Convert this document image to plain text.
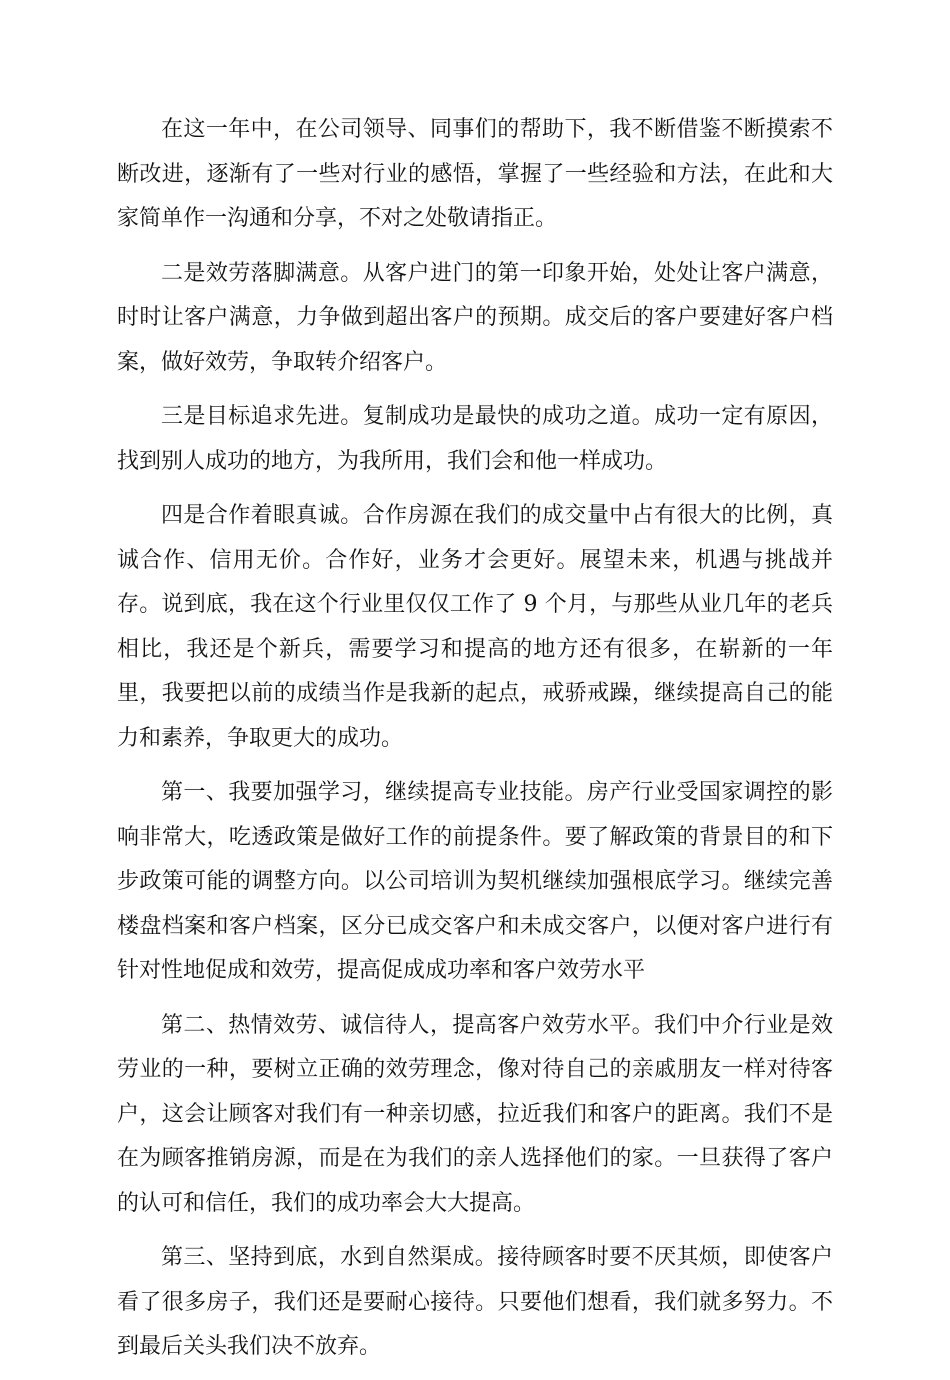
在这一年中，在公司领导、同事们的帮助下，我不断借鉴不断摸索不断改进，逐渐有了一些对行业的感悟，掌握了一些经验和方法，在此和大家简单作一沟通和分享，不对之处敬请指正。

二是效劳落脚满意。从客户进门的第一印象开始，处处让客户满意，时时让客户满意，力争做到超出客户的预期。成交后的客户要建好客户档案，做好效劳，争取转介绍客户。

三是目标追求先进。复制成功是最快的成功之道。成功一定有原因，找到别人成功的地方，为我所用，我们会和他一样成功。

四是合作着眼真诚。合作房源在我们的成交量中占有很大的比例，真诚合作、信用无价。合作好，业务才会更好。展望未来，机遇与挑战并存。说到底，我在这个行业里仅仅工作了 9 个月，与那些从业几年的老兵相比，我还是个新兵，需要学习和提高的地方还有很多，在崭新的一年里，我要把以前的成绩当作是我新的起点，戒骄戒躁，继续提高自己的能力和素养，争取更大的成功。

第一、我要加强学习，继续提高专业技能。房产行业受国家调控的影响非常大，吃透政策是做好工作的前提条件。要了解政策的背景目的和下步政策可能的调整方向。以公司培训为契机继续加强根底学习。继续完善楼盘档案和客户档案，区分已成交客户和未成交客户，以便对客户进行有针对性地促成和效劳，提高促成成功率和客户效劳水平

第二、热情效劳、诚信待人，提高客户效劳水平。我们中介行业是效劳业的一种，要树立正确的效劳理念，像对待自己的亲戚朋友一样对待客户，这会让顾客对我们有一种亲切感，拉近我们和客户的距离。我们不是在为顾客推销房源，而是在为我们的亲人选择他们的家。一旦获得了客户的认可和信任，我们的成功率会大大提高。

第三、坚持到底，水到自然渠成。接待顾客时要不厌其烦，即使客户看了很多房子，我们还是要耐心接待。只要他们想看，我们就多努力。不到最后关头我们决不放弃。
